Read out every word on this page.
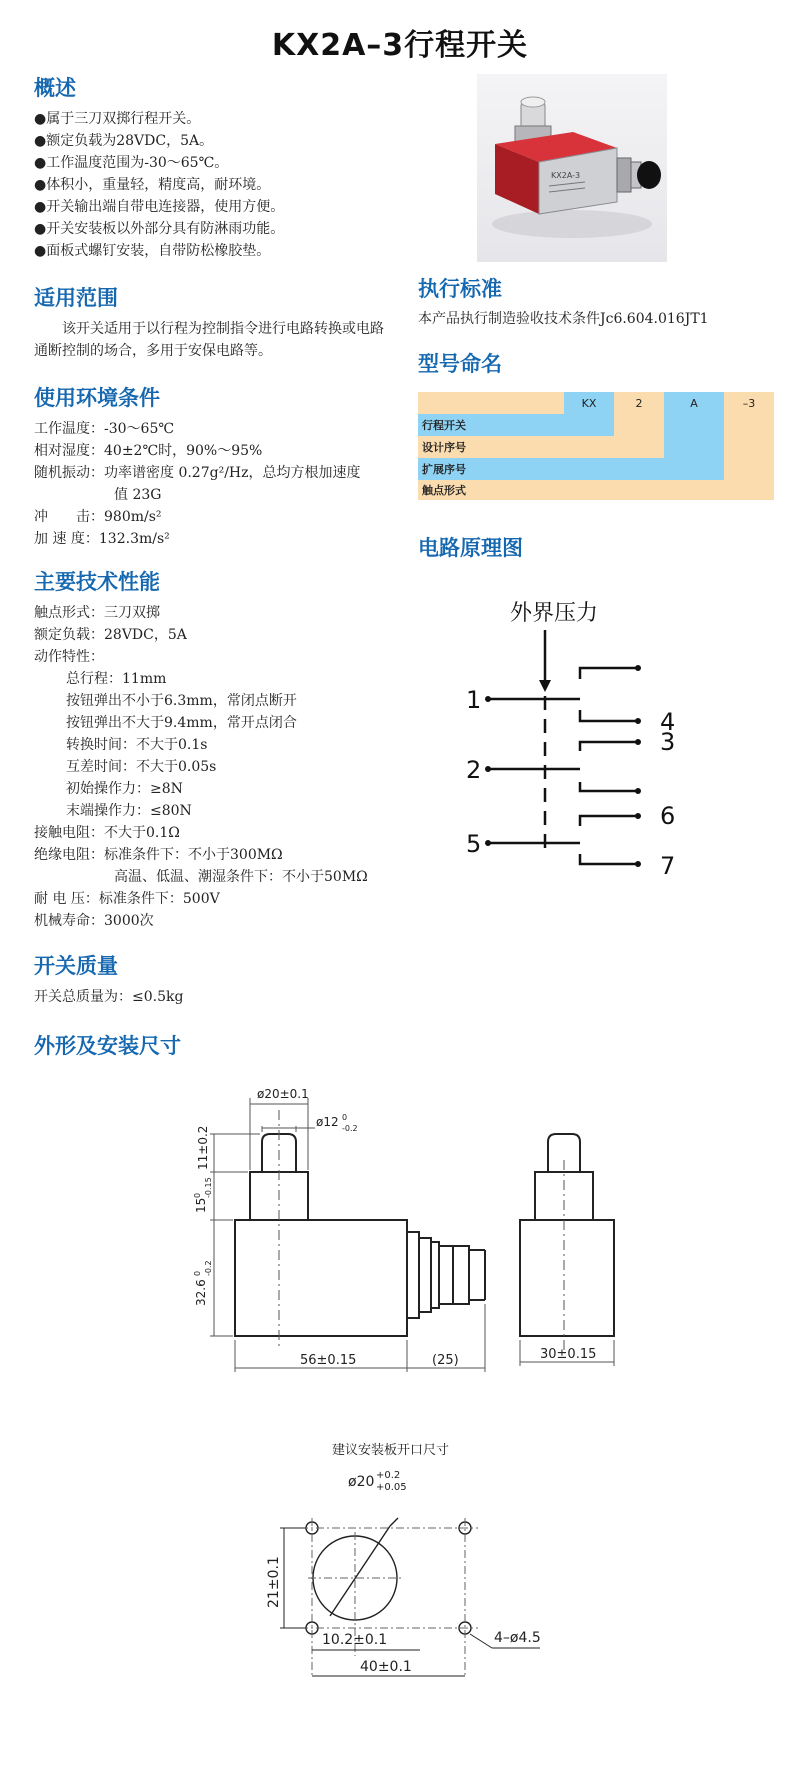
KX2A–3行程开关
概述
● 属于三刀双掷行程开关。
● 额定负载为28VDC，5A。
● 工作温度范围为-30～65℃。
● 体积小，重量轻，精度高，耐环境。
● 开关输出端自带电连接器，使用方便。
● 开关安装板以外部分具有防淋雨功能。
● 面板式螺钉安装，自带防松橡胶垫。
适用范围
该开关适用于以行程为控制指令进行电路转换或电路通断控制的场合，多用于安保电路等。
使用环境条件
工作温度：-30～65℃
相对湿度：40±2℃时，90%～95%
随机振动：功率谱密度 0.27g²/Hz，总均方根加速度
值 23G
冲　　击：980m/s²
加 速 度：132.3m/s²
主要技术性能
触点形式：三刀双掷
额定负载：28VDC，5A
动作特性：
总行程：11mm
按钮弹出不小于6.3mm，常闭点断开
按钮弹出不大于9.4mm，常开点闭合
转换时间：不大于0.1s
互差时间：不大于0.05s
初始操作力：≥8N
末端操作力：≤80N
接触电阻：不大于0.1Ω
绝缘电阻：标准条件下：不小于300MΩ
高温、低温、潮湿条件下：不小于50MΩ
耐 电 压：标准条件下：500V
机械寿命：3000次
开关质量
开关总质量为：≤0.5kg
KX2A-3
执行标准
本产品执行制造验收技术条件Jc6.604.016JT1
型号命名
KX	2	A	–3
行程开关
设计序号
扩展序号
触点形式
电路原理图
外界压力
1
2
3
4
5
6
7
外形及安装尺寸
ø20±0.1
ø12 0
-0.2
11±0.2
15
0 -0.15
32.6
0 -0.2
56±0.15	(25)	30±0.15
建议安装板开口尺寸
ø20 +0.2
+0.05
21±0.1
10.2±0.1	4–ø4.5
40±0.1
